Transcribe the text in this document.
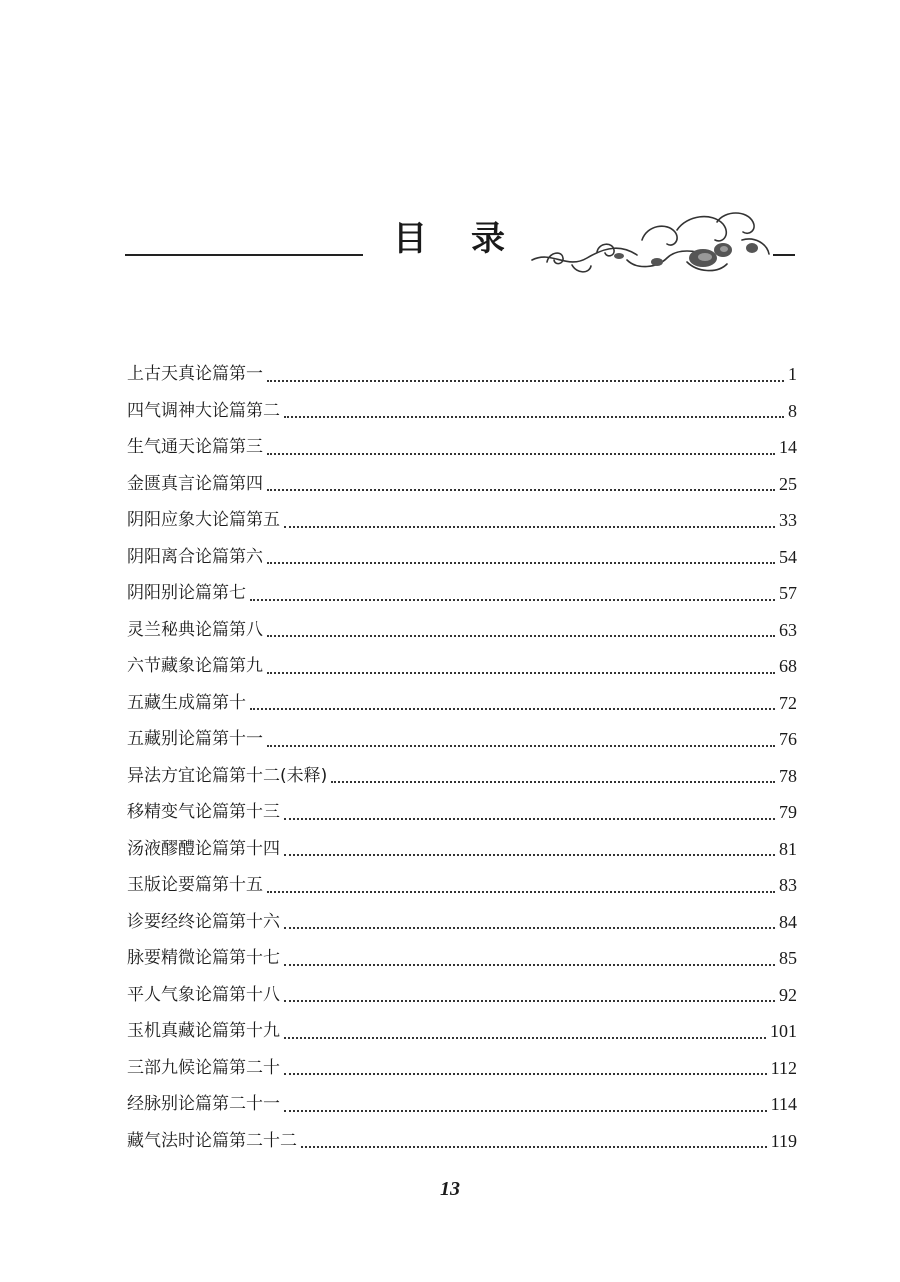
目录
上古天真论篇第一	1
四气调神大论篇第二	8
生气通天论篇第三	14
金匮真言论篇第四	25
阴阳应象大论篇第五	33
阴阳离合论篇第六	54
阴阳别论篇第七	57
灵兰秘典论篇第八	63
六节藏象论篇第九	68
五藏生成篇第十	72
五藏别论篇第十一	76
异法方宜论篇第十二(未释)	78
移精变气论篇第十三	79
汤液醪醴论篇第十四	81
玉版论要篇第十五	83
诊要经终论篇第十六	84
脉要精微论篇第十七	85
平人气象论篇第十八	92
玉机真藏论篇第十九	101
三部九候论篇第二十	112
经脉别论篇第二十一	114
藏气法时论篇第二十二	119
13
